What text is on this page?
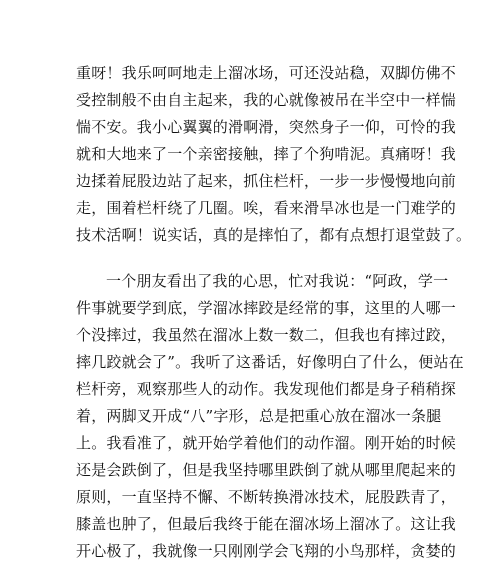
重呀！我乐呵呵地走上溜冰场，可还没站稳，双脚仿佛不
受控制般不由自主起来，我的心就像被吊在半空中一样惴
惴不安。我小心翼翼的滑啊滑，突然身子一仰，可怜的我
就和大地来了一个亲密接触，摔了个狗啃泥。真痛呀！我
边揉着屁股边站了起来，抓住栏杆，一步一步慢慢地向前
走，围着栏杆绕了几圈。唉，看来滑旱冰也是一门难学的
技术活啊！说实话，真的是摔怕了，都有点想打退堂鼓了。
一个朋友看出了我的心思，忙对我说：“阿政，学一
件事就要学到底，学溜冰摔跤是经常的事，这里的人哪一
个没摔过，我虽然在溜冰上数一数二，但我也有摔过跤，
摔几跤就会了”。我听了这番话，好像明白了什么，便站在
栏杆旁，观察那些人的动作。我发现他们都是身子稍稍探
着，两脚叉开成“八”字形，总是把重心放在溜冰一条腿
上。我看准了，就开始学着他们的动作溜。刚开始的时候
还是会跌倒了，但是我坚持哪里跌倒了就从哪里爬起来的
原则，一直坚持不懈、不断转换滑冰技术，屁股跌青了，
膝盖也肿了，但最后我终于能在溜冰场上溜冰了。这让我
开心极了，我就像一只刚刚学会飞翔的小鸟那样，贪婪的
